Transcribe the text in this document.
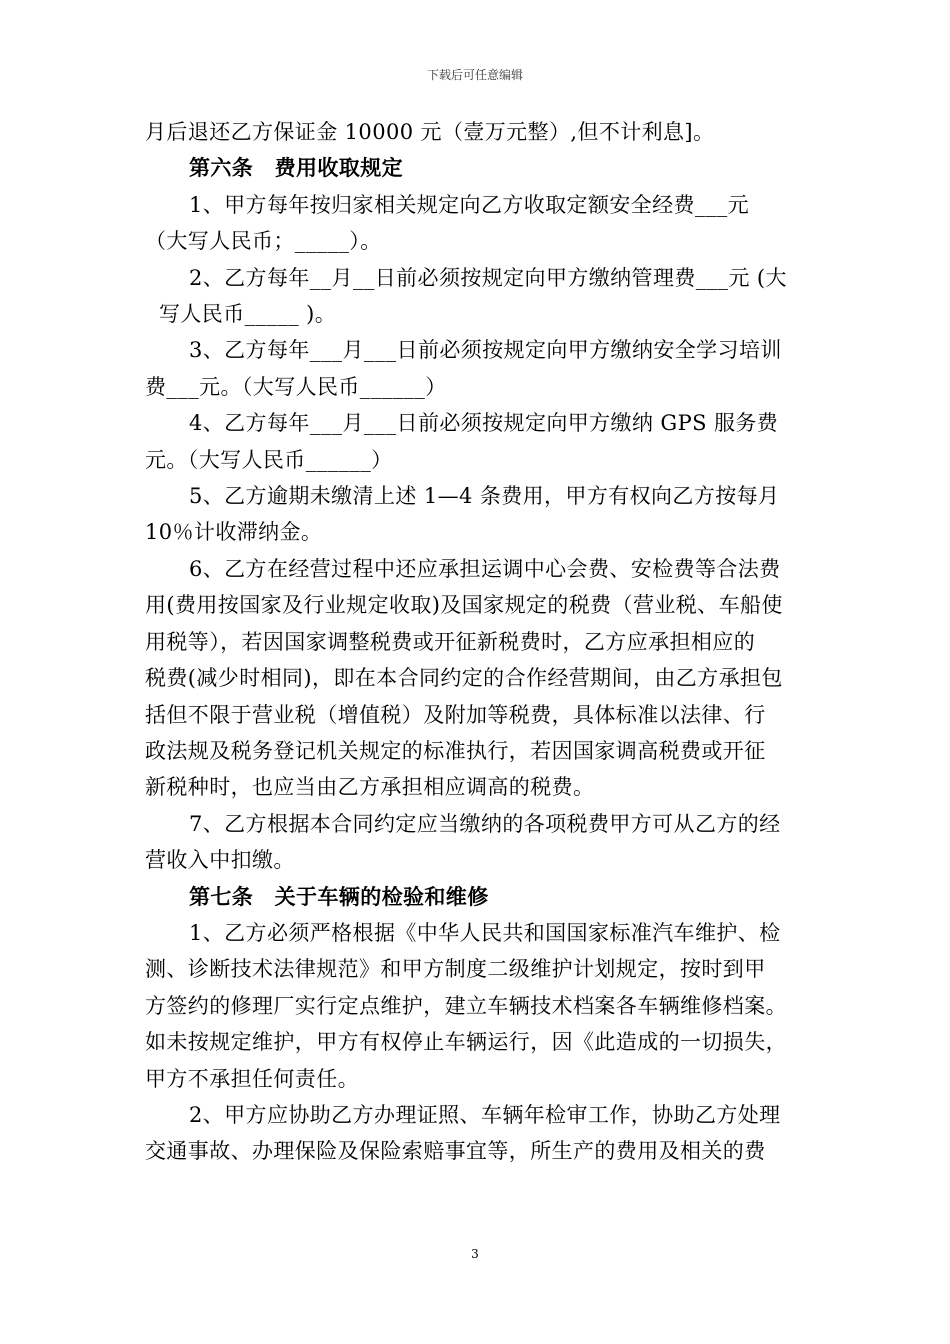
下载后可任意编辑
月后退还乙方保证金 10000 元（壹万元整）,但不计利息]。
第六条　费用收取规定
1、甲方每年按归家相关规定向乙方收取定额安全经费___元
（大写人民币；_____）。
2、乙方每年__月__日前必须按规定向甲方缴纳管理费___元 (大
写人民币_____ )。
3、乙方每年___月___日前必须按规定向甲方缴纳安全学习培训
费___元。（大写人民币______）
4、乙方每年___月___日前必须按规定向甲方缴纳 GPS 服务费
元。（大写人民币______）
5、乙方逾期未缴清上述 1—4 条费用，甲方有权向乙方按每月
10％计收滞纳金。
6、乙方在经营过程中还应承担运调中心会费、安检费等合法费
用(费用按国家及行业规定收取)及国家规定的税费（营业税、车船使
用税等），若因国家调整税费或开征新税费时，乙方应承担相应的
税费(减少时相同)，即在本合同约定的合作经营期间，由乙方承担包
括但不限于营业税（增值税）及附加等税费，具体标准以法律、行
政法规及税务登记机关规定的标准执行，若因国家调高税费或开征
新税种时，也应当由乙方承担相应调高的税费。
7、乙方根据本合同约定应当缴纳的各项税费甲方可从乙方的经
营收入中扣缴。
第七条　关于车辆的检验和维修
1、乙方必须严格根据《中华人民共和国国家标准汽车维护、检
测、诊断技术法律规范》和甲方制度二级维护计划规定，按时到甲
方签约的修理厂实行定点维护，建立车辆技术档案各车辆维修档案。
如未按规定维护，甲方有权停止车辆运行，因《此造成的一切损失，
甲方不承担任何责任。
2、甲方应协助乙方办理证照、车辆年检审工作，协助乙方处理
交通事故、办理保险及保险索赔事宜等，所生产的费用及相关的费
3
